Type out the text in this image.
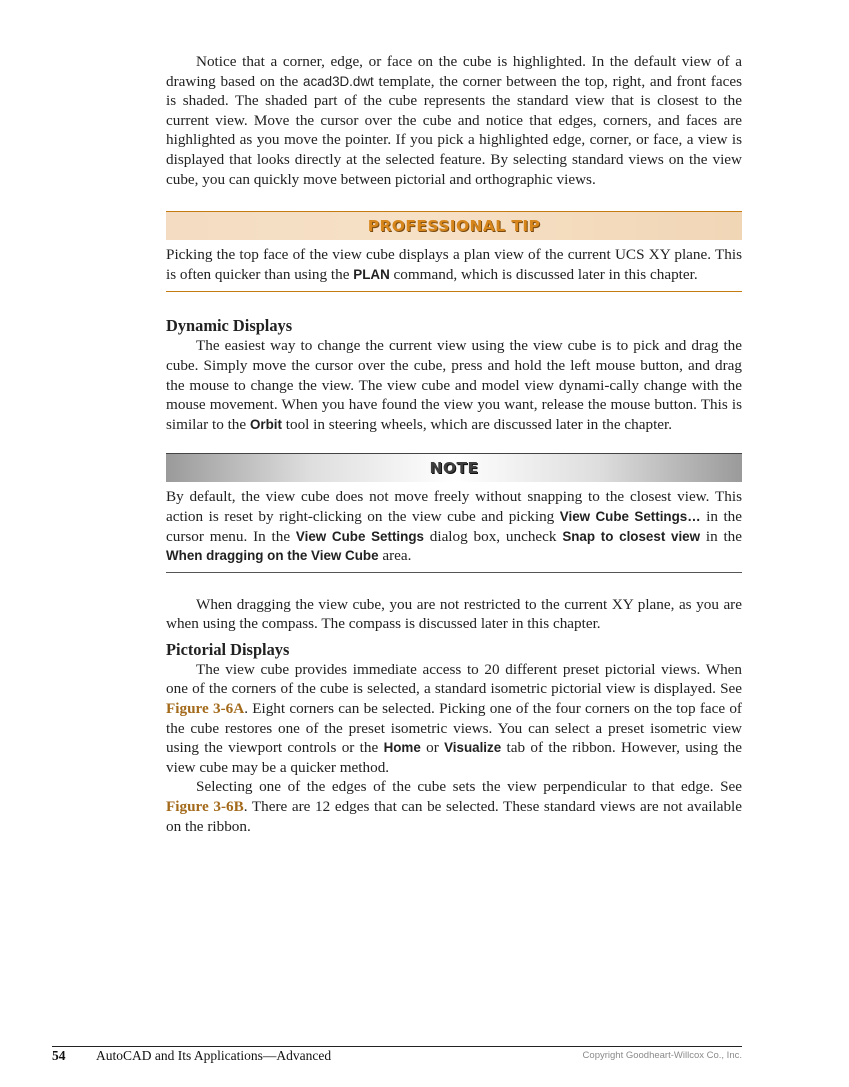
Notice that a corner, edge, or face on the cube is highlighted. In the default view of a drawing based on the acad3D.dwt template, the corner between the top, right, and front faces is shaded. The shaded part of the cube represents the standard view that is closest to the current view. Move the cursor over the cube and notice that edges, corners, and faces are highlighted as you move the pointer. If you pick a highlighted edge, corner, or face, a view is displayed that looks directly at the selected feature. By selecting standard views on the view cube, you can quickly move between pictorial and orthographic views.

PROFESSIONAL TIP

Picking the top face of the view cube displays a plan view of the current UCS XY plane. This is often quicker than using the PLAN command, which is discussed later in this chapter.

Dynamic Displays

The easiest way to change the current view using the view cube is to pick and drag the cube. Simply move the cursor over the cube, press and hold the left mouse button, and drag the mouse to change the view. The view cube and model view dynami-cally change with the mouse movement. When you have found the view you want, release the mouse button. This is similar to the Orbit tool in steering wheels, which are discussed later in the chapter.

NOTE

By default, the view cube does not move freely without snapping to the closest view. This action is reset by right-clicking on the view cube and picking View Cube Settings… in the cursor menu. In the View Cube Settings dialog box, uncheck Snap to closest view in the When dragging on the View Cube area.

When dragging the view cube, you are not restricted to the current XY plane, as you are when using the compass. The compass is discussed later in this chapter.

Pictorial Displays

The view cube provides immediate access to 20 different preset pictorial views. When one of the corners of the cube is selected, a standard isometric pictorial view is displayed. See Figure 3-6A. Eight corners can be selected. Picking one of the four corners on the top face of the cube restores one of the preset isometric views. You can select a preset isometric view using the viewport controls or the Home or Visualize tab of the ribbon. However, using the view cube may be a quicker method.

Selecting one of the edges of the cube sets the view perpendicular to that edge. See Figure 3-6B. There are 12 edges that can be selected. These standard views are not available on the ribbon.

54 AutoCAD and Its Applications—Advanced	Copyright Goodheart-Willcox Co., Inc.
